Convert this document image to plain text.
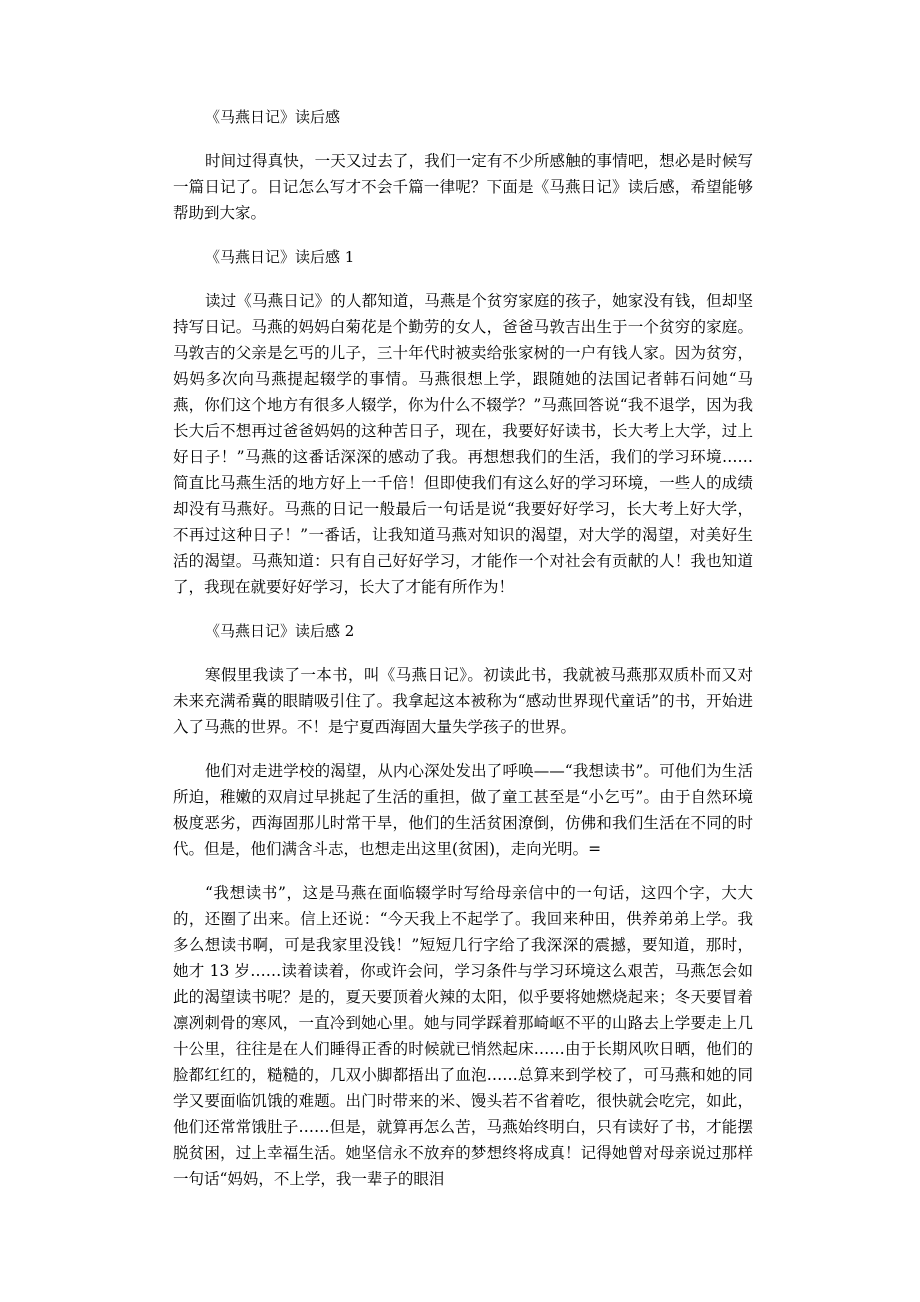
《马燕日记》读后感

时间过得真快，一天又过去了，我们一定有不少所感触的事情吧，想必是时候写一篇日记了。日记怎么写才不会千篇一律呢？下面是《马燕日记》读后感，希望能够帮助到大家。

《马燕日记》读后感 1

读过《马燕日记》的人都知道，马燕是个贫穷家庭的孩子，她家没有钱，但却坚持写日记。马燕的妈妈白菊花是个勤劳的女人，爸爸马敦吉出生于一个贫穷的家庭。马敦吉的父亲是乞丐的儿子，三十年代时被卖给张家树的一户有钱人家。因为贫穷，妈妈多次向马燕提起辍学的事情。马燕很想上学，跟随她的法国记者韩石问她“马燕，你们这个地方有很多人辍学，你为什么不辍学？”马燕回答说“我不退学，因为我长大后不想再过爸爸妈妈的这种苦日子，现在，我要好好读书，长大考上大学，过上好日子！”马燕的这番话深深的感动了我。再想想我们的生活，我们的学习环境……简直比马燕生活的地方好上一千倍！但即使我们有这么好的学习环境，一些人的成绩却没有马燕好。马燕的日记一般最后一句话是说“我要好好学习，长大考上好大学，不再过这种日子！”一番话，让我知道马燕对知识的渴望，对大学的渴望，对美好生活的渴望。马燕知道：只有自己好好学习，才能作一个对社会有贡献的人！我也知道了，我现在就要好好学习，长大了才能有所作为！

《马燕日记》读后感 2

寒假里我读了一本书，叫《马燕日记》。初读此书，我就被马燕那双质朴而又对未来充满希冀的眼睛吸引住了。我拿起这本被称为“感动世界现代童话”的书，开始进入了马燕的世界。不！是宁夏西海固大量失学孩子的世界。

他们对走进学校的渴望，从内心深处发出了呼唤——“我想读书”。可他们为生活所迫，稚嫩的双肩过早挑起了生活的重担，做了童工甚至是“小乞丐”。由于自然环境极度恶劣，西海固那儿时常干旱，他们的生活贫困潦倒，仿佛和我们生活在不同的时代。但是，他们满含斗志，也想走出这里(贫困)，走向光明。=

“我想读书”，这是马燕在面临辍学时写给母亲信中的一句话，这四个字，大大的，还圈了出来。信上还说：“今天我上不起学了。我回来种田，供养弟弟上学。我多么想读书啊，可是我家里没钱！”短短几行字给了我深深的震撼，要知道，那时，她才 13 岁……读着读着，你或许会问，学习条件与学习环境这么艰苦，马燕怎会如此的渴望读书呢？是的，夏天要顶着火辣的太阳，似乎要将她燃烧起来；冬天要冒着凛冽刺骨的寒风，一直冷到她心里。她与同学踩着那崎岖不平的山路去上学要走上几十公里，往往是在人们睡得正香的时候就已悄然起床……由于长期风吹日晒，他们的脸都红红的，糙糙的，几双小脚都捂出了血泡……总算来到学校了，可马燕和她的同学又要面临饥饿的难题。出门时带来的米、馒头若不省着吃，很快就会吃完，如此，他们还常常饿肚子……但是，就算再怎么苦，马燕始终明白，只有读好了书，才能摆脱贫困，过上幸福生活。她坚信永不放弃的梦想终将成真！记得她曾对母亲说过那样一句话“妈妈，不上学，我一辈子的眼泪
